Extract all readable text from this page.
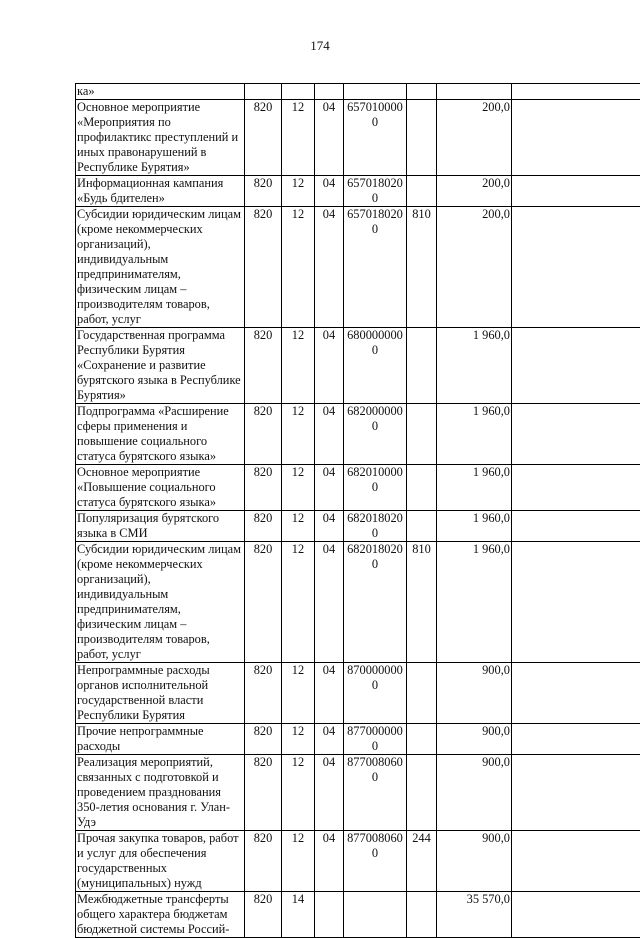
174
ка»							
Основное мероприятие «Мероприятия по профилактикс преступлений и иных правонарушений в Республике Бурятия»	820	12	04	6570100000		200,0	
Информационная кампания «Будь бдителен»	820	12	04	6570180200		200,0	
Субсидии юридическим лицам (кроме некоммерческих организаций), индивидуальным предпринимателям, физическим лицам – производителям товаров, работ, услуг	820	12	04	6570180200	810	200,0	
Государственная программа Республики Бурятия «Сохранение и развитие бурятского языка в Республике Бурятия»	820	12	04	6800000000		1 960,0	
Подпрограмма «Расширение сферы применения и повышение социального статуса бурятского языка»	820	12	04	6820000000		1 960,0	
Основное мероприятие «Повышение социального статуса бурятского языка»	820	12	04	6820100000		1 960,0	
Популяризация бурятского языка в СМИ	820	12	04	6820180200		1 960,0	
Субсидии юридическим лицам (кроме некоммерческих организаций), индивидуальным предпринимателям, физическим лицам – производителям товаров, работ, услуг	820	12	04	6820180200	810	1 960,0	
Непрограммные расходы органов исполнительной государственной власти Республики Бурятия	820	12	04	8700000000		900,0	
Прочие непрограммные расходы	820	12	04	8770000000		900,0	
Реализация мероприятий, связанных с подготовкой и проведением празднования 350-летия основания г. Улан-Удэ	820	12	04	8770080600		900,0	
Прочая закупка товаров, работ и услуг для обеспечения государственных (муниципальных) нужд	820	12	04	8770080600	244	900,0	
Межбюджетные трансферты общего характера бюджетам бюджетной системы Россий-	820	14				35 570,0	
